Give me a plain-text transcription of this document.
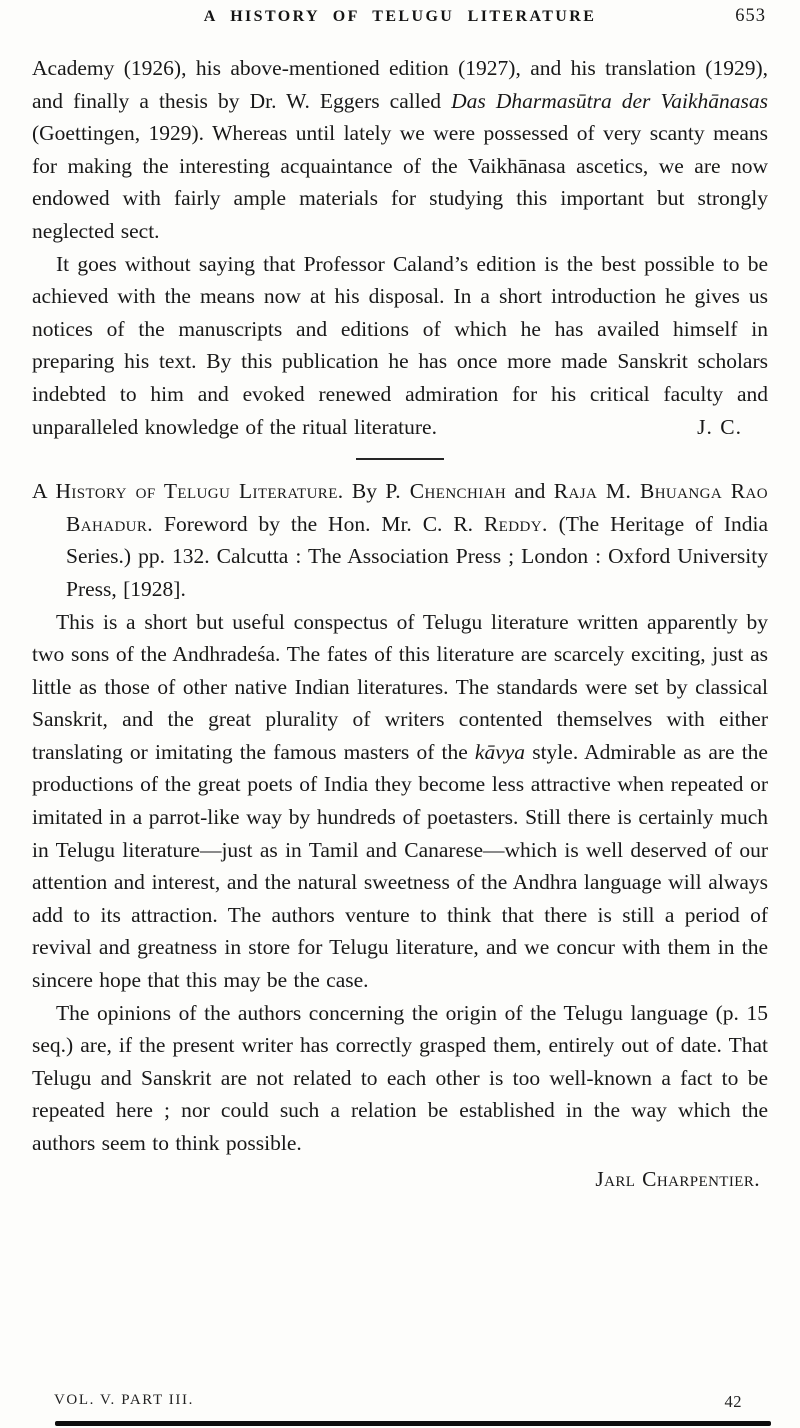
A HISTORY OF TELUGU LITERATURE	653

Academy (1926), his above-mentioned edition (1927), and his translation (1929), and finally a thesis by Dr. W. Eggers called Das Dharmasūtra der Vaikhānasas (Goettingen, 1929). Whereas until lately we were possessed of very scanty means for making the interesting acquaintance of the Vaikhānasa ascetics, we are now endowed with fairly ample materials for studying this important but strongly neglected sect.

It goes without saying that Professor Caland’s edition is the best possible to be achieved with the means now at his disposal. In a short introduction he gives us notices of the manuscripts and editions of which he has availed himself in preparing his text. By this publication he has once more made Sanskrit scholars indebted to him and evoked renewed admiration for his critical faculty and unparalleled knowledge of the ritual literature.	J. C.

A History of Telugu Literature. By P. Chenchiah and Raja M. Bhuanga Rao Bahadur. Foreword by the Hon. Mr. C. R. Reddy. (The Heritage of India Series.) pp. 132. Calcutta : The Association Press ; London : Oxford University Press, [1928].

This is a short but useful conspectus of Telugu literature written apparently by two sons of the Andhradeśa. The fates of this literature are scarcely exciting, just as little as those of other native Indian literatures. The standards were set by classical Sanskrit, and the great plurality of writers contented themselves with either translating or imitating the famous masters of the kāvya style. Admirable as are the productions of the great poets of India they become less attractive when repeated or imitated in a parrot-like way by hundreds of poetasters. Still there is certainly much in Telugu literature—just as in Tamil and Canarese—which is well deserved of our attention and interest, and the natural sweetness of the Andhra language will always add to its attraction. The authors venture to think that there is still a period of revival and greatness in store for Telugu literature, and we concur with them in the sincere hope that this may be the case.

The opinions of the authors concerning the origin of the Telugu language (p. 15 seq.) are, if the present writer has correctly grasped them, entirely out of date. That Telugu and Sanskrit are not related to each other is too well-known a fact to be repeated here ; nor could such a relation be established in the way which the authors seem to think possible.

Jarl Charpentier.

VOL. V. PART III.	42
